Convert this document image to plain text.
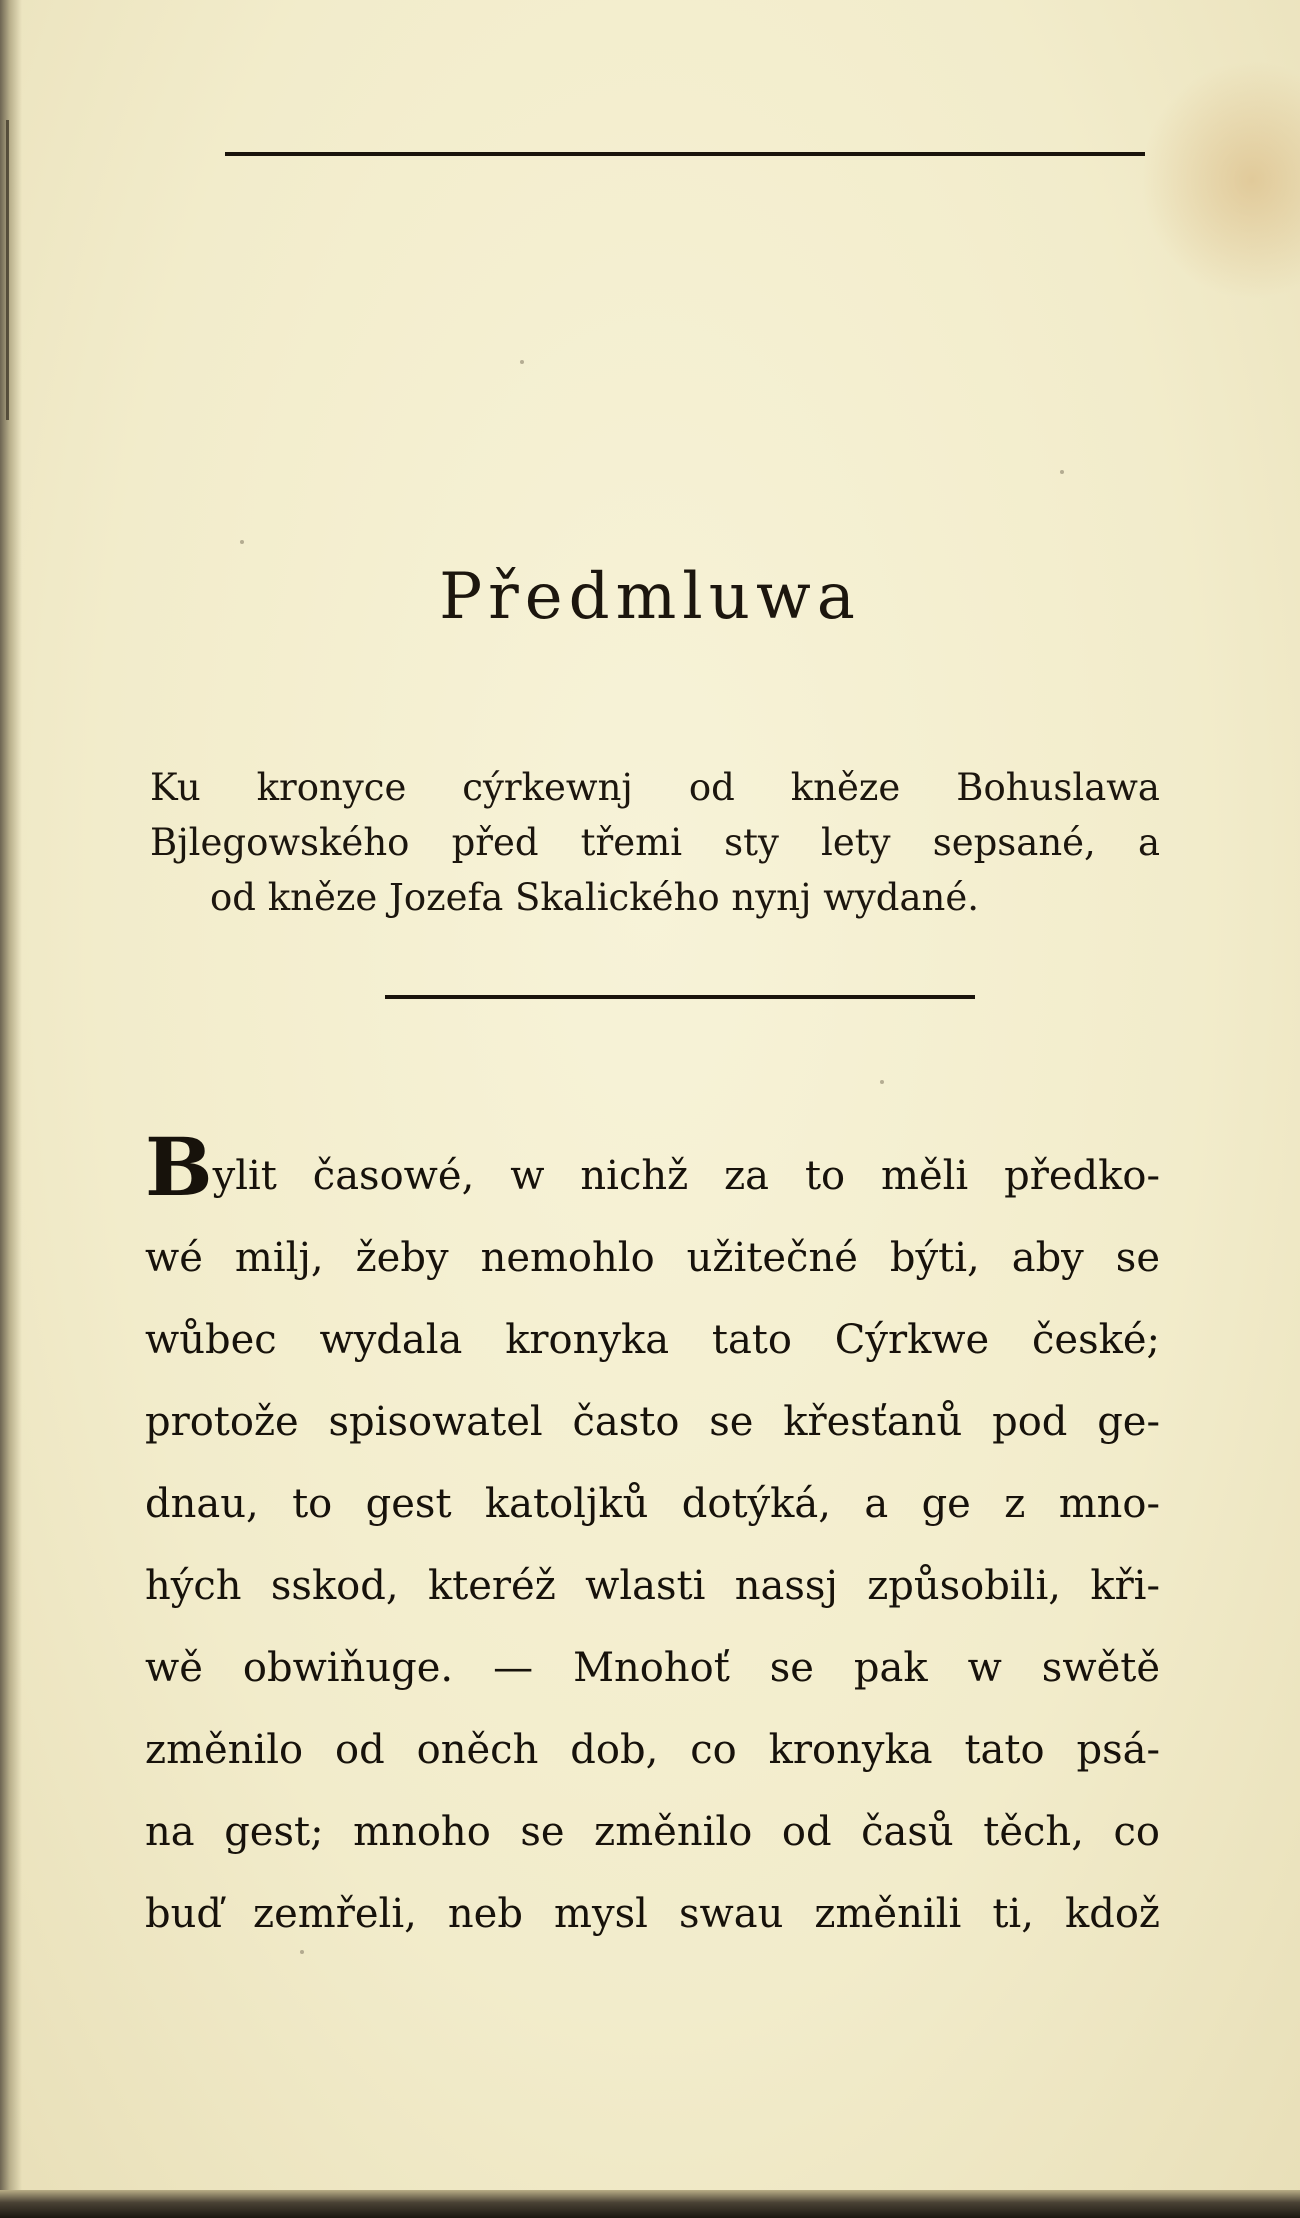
Předmluwa
Ku kronyce cýrkewnj od kněze Bohuslawa
Bjlegowského před třemi sty lety sepsané, a
od kněze Jozefa Skalického nynj wydané.
Bylit časowé, w nichž za to měli předko-
wé milj, žeby nemohlo užitečné býti, aby se
wůbec wydala kronyka tato Cýrkwe české;
protože spisowatel často se křesťanů pod ge-
dnau, to gest katoljků dotýká, a ge z mno-
hých sskod, kteréž wlasti nassj způsobili, kři-
wě obwiňuge. — Mnohoť se pak w swětě
změnilo od oněch dob, co kronyka tato psá-
na gest; mnoho se změnilo od časů těch, co
buď zemřeli, neb mysl swau změnili ti, kdož
